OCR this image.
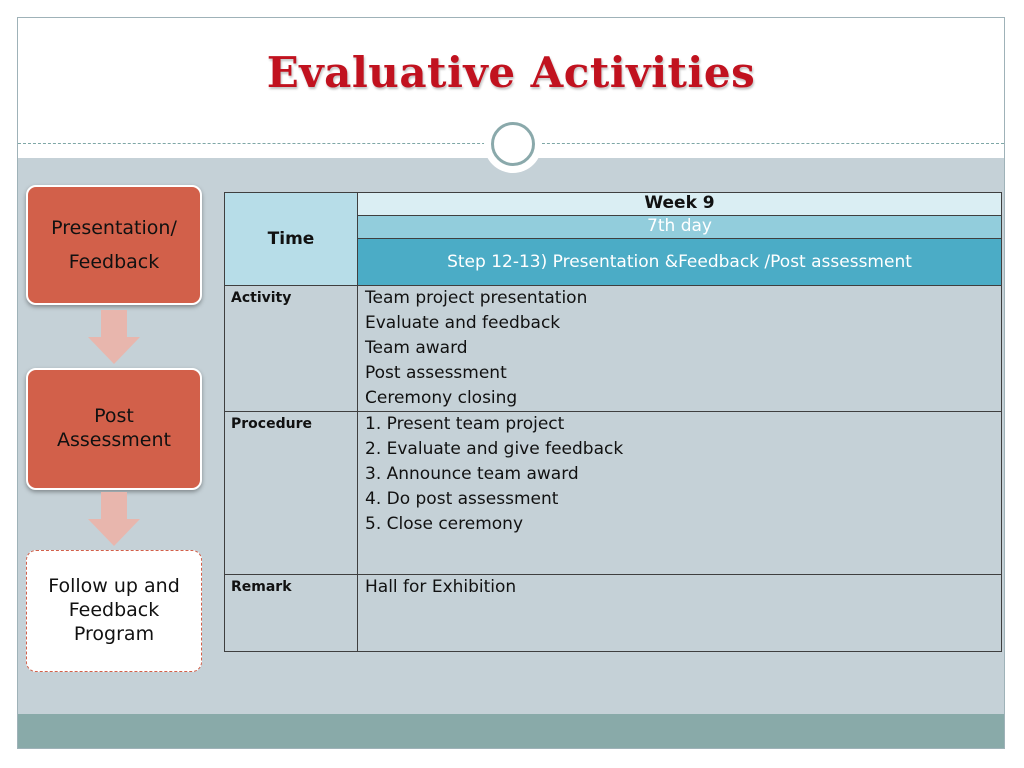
Evaluative Activities
Presentation/
Feedback
Post
Assessment
Follow up and
Feedback
Program
Time	Week 9
	7th day
	Step 12-13) Presentation &Feedback /Post assessment
Activity	Team project presentation
Evaluate and feedback
Team award
Post assessment
Ceremony closing

Procedure	1. Present team project
2. Evaluate and give feedback
3. Announce team award
4. Do post assessment
5. Close ceremony

Remark	Hall for Exhibition
